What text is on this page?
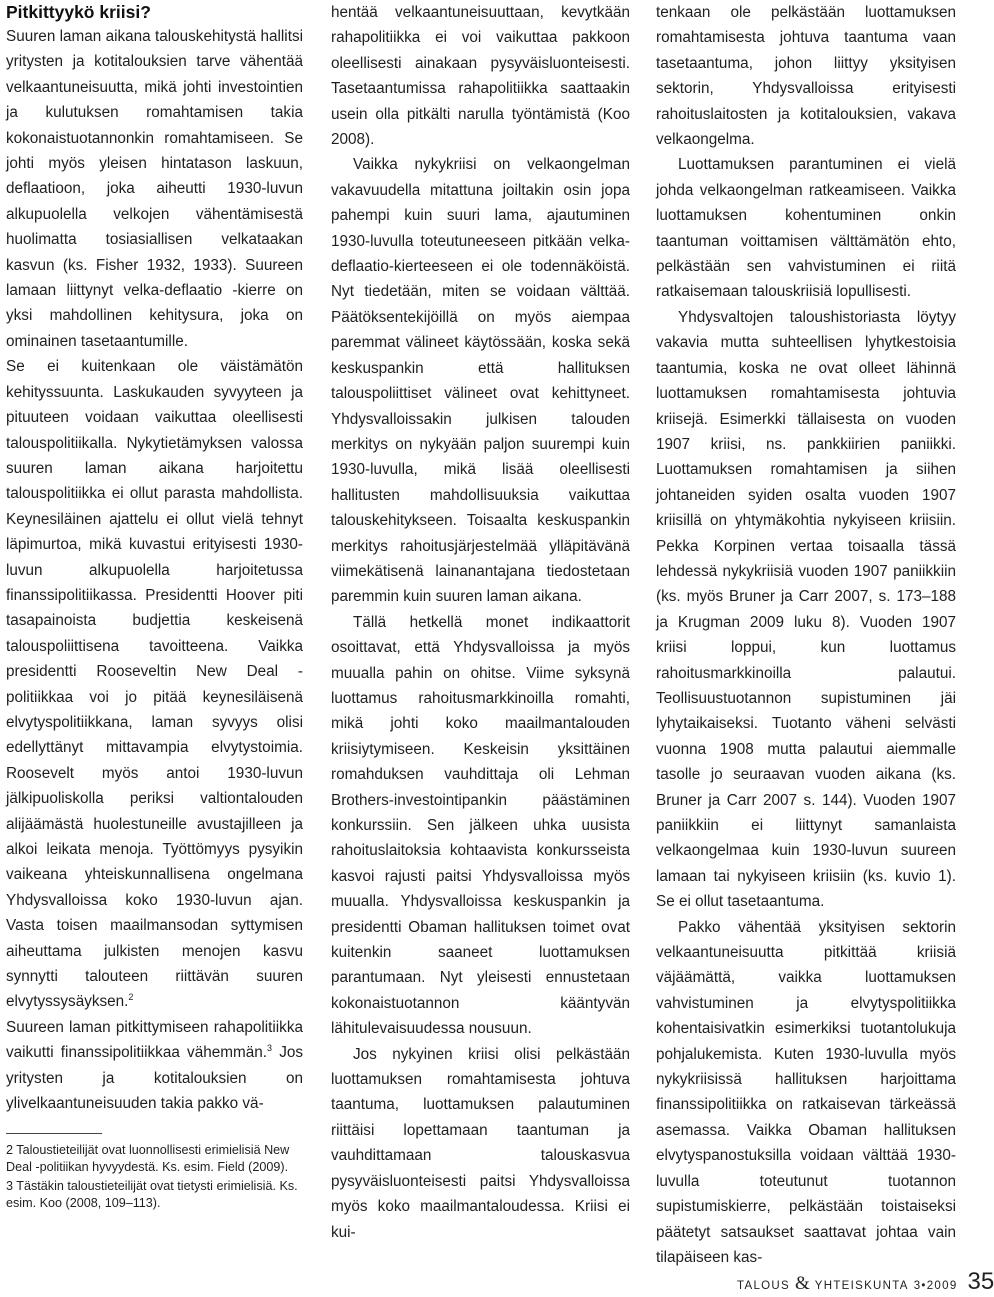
Pitkittyykö kriisi?

Suuren laman aikana talouskehitystä hallitsi yritysten ja kotitalouksien tarve vähentää velkaantuneisuutta, mikä johti investointien ja kulutuksen romahtamisen takia kokonaistuotannonkin romahtamiseen. Se johti myös yleisen hintatason laskuun, deflaatioon, joka aiheutti 1930-luvun alkupuolella velkojen vähentämisestä huolimatta tosiasiallisen velkataakan kasvun (ks. Fisher 1932, 1933). Suureen lamaan liittynyt velka-deflaatio -kierre on yksi mahdollinen kehitysura, joka on ominainen tasetaantumille.

Se ei kuitenkaan ole väistämätön kehityssuunta. Laskukauden syvyyteen ja pituuteen voidaan vaikuttaa oleellisesti talouspolitiikalla. Nykytietämyksen valossa suuren laman aikana harjoitettu talouspolitiikka ei ollut parasta mahdollista. Keynesiläinen ajattelu ei ollut vielä tehnyt läpimurtoa, mikä kuvastui erityisesti 1930-luvun alkupuolella harjoitetussa finanssipolitiikassa. Presidentti Hoover piti tasapainoista budjettia keskeisenä talouspoliittisena tavoitteena. Vaikka presidentti Rooseveltin New Deal -politiikkaa voi jo pitää keynesiläisenä elvytyspolitiikkana, laman syvyys olisi edellyttänyt mittavampia elvytystoimia. Roosevelt myös antoi 1930-luvun jälkipuoliskolla periksi valtiontalouden alijäämästä huolestuneille avustajilleen ja alkoi leikata menoja. Työttömyys pysyikin vaikeana yhteiskunnallisena ongelmana Yhdysvalloissa koko 1930-luvun ajan. Vasta toisen maailmansodan syttymisen aiheuttama julkisten menojen kasvu synnytti talouteen riittävän suuren elvytyssysäyksen.$^2$

Suureen laman pitkittymiseen rahapolitiikka vaikutti finanssipolitiikkaa vähemmän.$^3$ Jos yritysten ja kotitalouksien on ylivelkaantuneisuuden takia pakko vä-

hentää velkaantuneisuuttaan, kevytkään rahapolitiikka ei voi vaikuttaa pakkoon oleellisesti ainakaan pysyväisluonteisesti. Tasetaantumissa rahapolitiikka saattaakin usein olla pitkälti narulla työntämistä (Koo 2008).

Vaikka nykykriisi on velkaongelman vakavuudella mitattuna joiltakin osin jopa pahempi kuin suuri lama, ajautuminen 1930-luvulla toteutuneeseen pitkään velka-deflaatio-kierteeseen ei ole todennäköistä. Nyt tiedetään, miten se voidaan välttää. Päätöksentekijöillä on myös aiempaa paremmat välineet käytössään, koska sekä keskuspankin että hallituksen talouspoliittiset välineet ovat kehittyneet. Yhdysvalloissakin julkisen talouden merkitys on nykyään paljon suurempi kuin 1930-luvulla, mikä lisää oleellisesti hallitusten mahdollisuuksia vaikuttaa talouskehitykseen. Toisaalta keskuspankin merkitys rahoitusjärjestelmää ylläpitävänä viimekätisenä lainanantajana tiedostetaan paremmin kuin suuren laman aikana.

Tällä hetkellä monet indikaattorit osoittavat, että Yhdysvalloissa ja myös muualla pahin on ohitse. Viime syksynä luottamus rahoitusmarkkinoilla romahti, mikä johti koko maailmantalouden kriisiytymiseen. Keskeisin yksittäinen romahduksen vauhdittaja oli Lehman Brothers-investointipankin päästäminen konkurssiin. Sen jälkeen uhka uusista rahoituslaitoksia kohtaavista konkursseista kasvoi rajusti paitsi Yhdysvalloissa myös muualla. Yhdysvalloissa keskuspankin ja presidentti Obaman hallituksen toimet ovat kuitenkin saaneet luottamuksen parantumaan. Nyt yleisesti ennustetaan kokonaistuotannon kääntyvän lähitulevaisuudessa nousuun.

Jos nykyinen kriisi olisi pelkästään luottamuksen romahtamisesta johtuva taantuma, luottamuksen palautuminen riittäisi lopettamaan taantuman ja vauhdittamaan talouskasvua pysyväisluonteisesti paitsi Yhdysvalloissa myös koko maailmantaloudessa. Kriisi ei kui-

tenkaan ole pelkästään luottamuksen romahtamisesta johtuva taantuma vaan tasetaantuma, johon liittyy yksityisen sektorin, Yhdysvalloissa erityisesti rahoituslaitosten ja kotitalouksien, vakava velkaongelma.

Luottamuksen parantuminen ei vielä johda velkaongelman ratkeamiseen. Vaikka luottamuksen kohentuminen onkin taantuman voittamisen välttämätön ehto, pelkästään sen vahvistuminen ei riitä ratkaisemaan talouskriisiä lopullisesti.

Yhdysvaltojen taloushistoriasta löytyy vakavia mutta suhteellisen lyhytkestoisia taantumia, koska ne ovat olleet lähinnä luottamuksen romahtamisesta johtuvia kriisejä. Esimerkki tällaisesta on vuoden 1907 kriisi, ns. pankkiirien paniikki. Luottamuksen romahtamisen ja siihen johtaneiden syiden osalta vuoden 1907 kriisillä on yhtymäkohtia nykyiseen kriisiin. Pekka Korpinen vertaa toisaalla tässä lehdessä nykykriisiä vuoden 1907 paniikkiin (ks. myös Bruner ja Carr 2007, s. 173–188 ja Krugman 2009 luku 8). Vuoden 1907 kriisi loppui, kun luottamus rahoitusmarkkinoilla palautui. Teollisuustuotannon supistuminen jäi lyhytaikaiseksi. Tuotanto väheni selvästi vuonna 1908 mutta palautui aiemmalle tasolle jo seuraavan vuoden aikana (ks. Bruner ja Carr 2007 s. 144). Vuoden 1907 paniikkiin ei liittynyt samanlaista velkaongelmaa kuin 1930-luvun suureen lamaan tai nykyiseen kriisiin (ks. kuvio 1). Se ei ollut tasetaantuma.

Pakko vähentää yksityisen sektorin velkaantuneisuutta pitkittää kriisiä väjäämättä, vaikka luottamuksen vahvistuminen ja elvytyspolitiikka kohentaisivatkin esimerkiksi tuotantolukuja pohjalukemista. Kuten 1930-luvulla myös nykykriisissä hallituksen harjoittama finanssipolitiikka on ratkaisevan tärkeässä asemassa. Vaikka Obaman hallituksen elvytyspanostuksilla voidaan välttää 1930-luvulla toteutunut tuotannon supistumiskierre, pelkästään toistaiseksi päätetyt satsaukset saattavat johtaa vain tilapäiseen kas-

2 Taloustieteilijät ovat luonnollisesti erimielisiä New Deal -politiikan hyvyydestä. Ks. esim. Field (2009).

3 Tästäkin taloustieteilijät ovat tietysti erimielisiä. Ks. esim. Koo (2008, 109–113).

TALOUS & YHTEISKUNTA 3•2009 35
